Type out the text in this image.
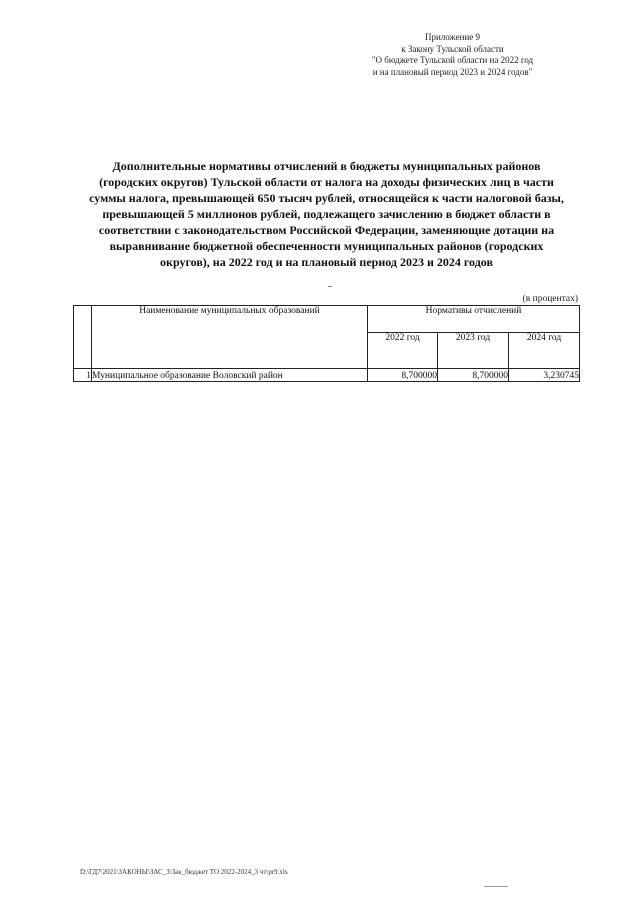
Приложение 9
к Закону Тульской области
"О бюджете Тульской области на 2022 год
и на плановый период 2023 и 2024 годов"
Дополнительные нормативы отчислений в бюджеты муниципальных районов
(городских округов) Тульской области от налога на доходы физических лиц в части
суммы налога, превышающей 650 тысяч рублей, относящейся к части налоговой базы,
превышающей 5 миллионов рублей, подлежащего зачислению в бюджет области в
соответствии с законодательством Российской Федерации, заменяющие дотации на
выравнивание бюджетной обеспеченности муниципальных районов (городских
округов), на 2022 год и на плановый период 2023 и 2024 годов
(в процентах)
	Наименование муниципальных образований	Нормативы отчислений		
		2022 год	2023 год	2024 год
1	Муниципальное образование Воловский район	8,700000	8,700000	3,230745
D:\ГД7\2021\ЗАКОНЫ\ЗАС_3\Зак_бюджет ТО 2022-2024_3 чт\pr9.xls
